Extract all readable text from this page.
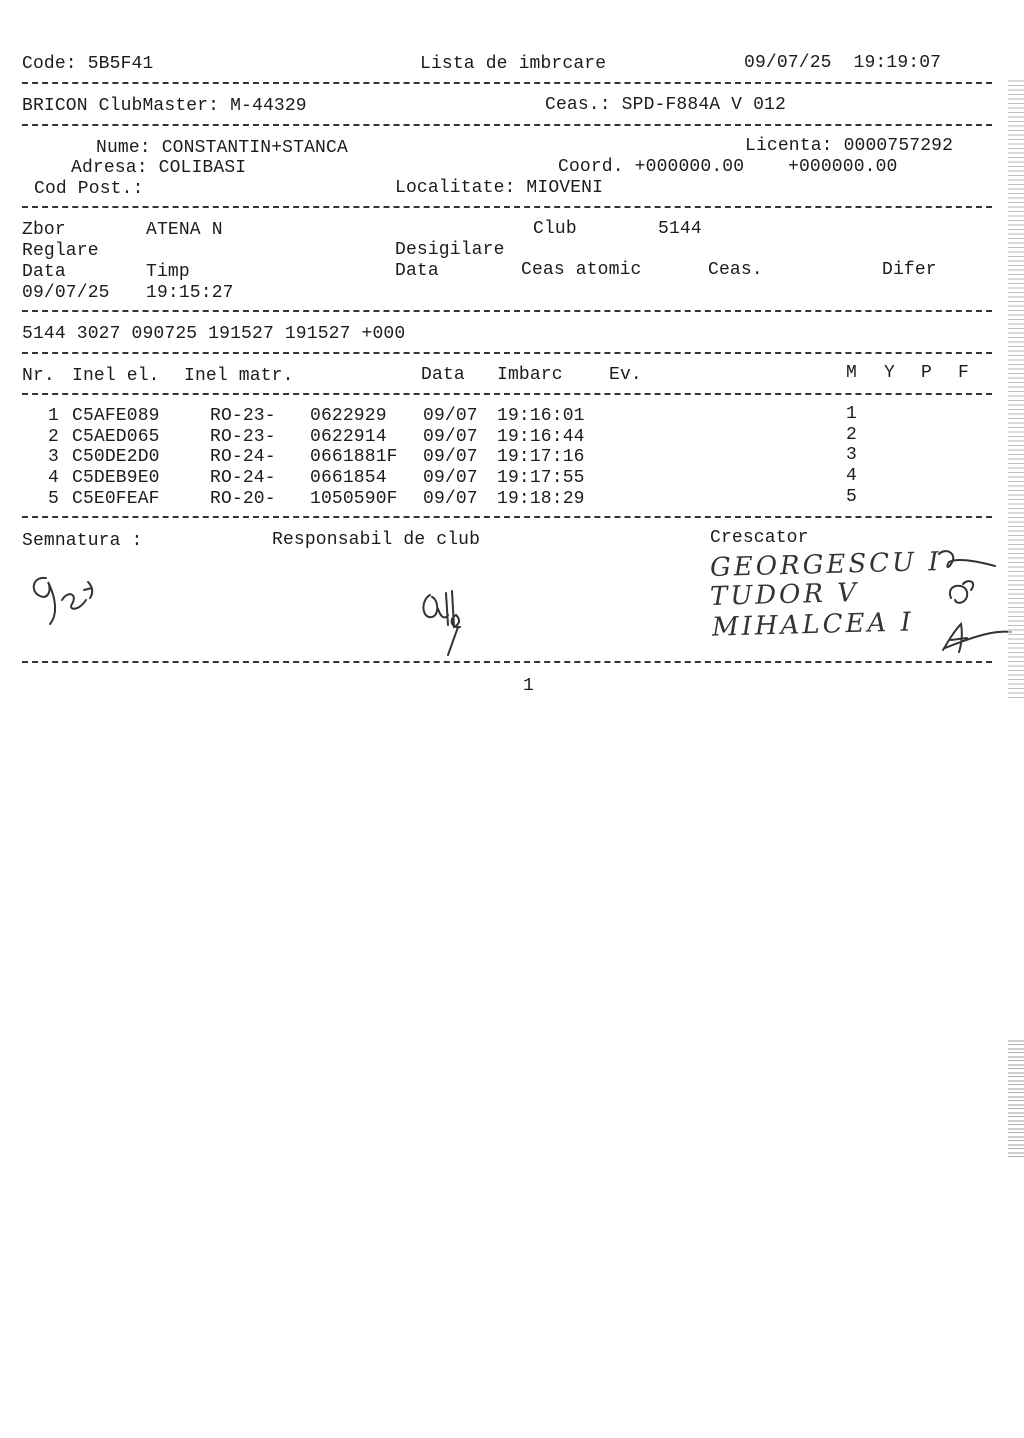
Code: 5B5F41	Lista de imbrcare	09/07/25  19:19:07
BRICON ClubMaster: M-44329	Ceas.: SPD-F884A V 012
Nume: CONSTANTIN+STANCA	Licenta: 0000757292
Adresa: COLIBASI	Coord. +000000.00    +000000.00
Cod Post.:	Localitate: MIOVENI
Zbor	ATENA N	Club	5144
Reglare	Desigilare
Data	Timp	Data	Ceas atomic	Ceas.	Difer
09/07/25 19:15:27
5144 3027 090725 191527 191527 +000
Nr. Inel el. Inel matr.	Data Imbarc	Ev.	M Y P F
1 C5AFE089	RO-23- 0622929 09/07 19:16:01	1
2 C5AED065	RO-23- 0622914 09/07 19:16:44	2
3 C50DE2D0	RO-24- 0661881F 09/07 19:17:16	3
4 C5DEB9E0	RO-24- 0661854 09/07 19:17:55	4
5 C5E0FEAF	RO-20- 1050590F 09/07 19:18:29	5
Semnatura :	Responsabil de club	Crescator
GEORGESCU I
TUDOR V
MIHALCEA I
1
